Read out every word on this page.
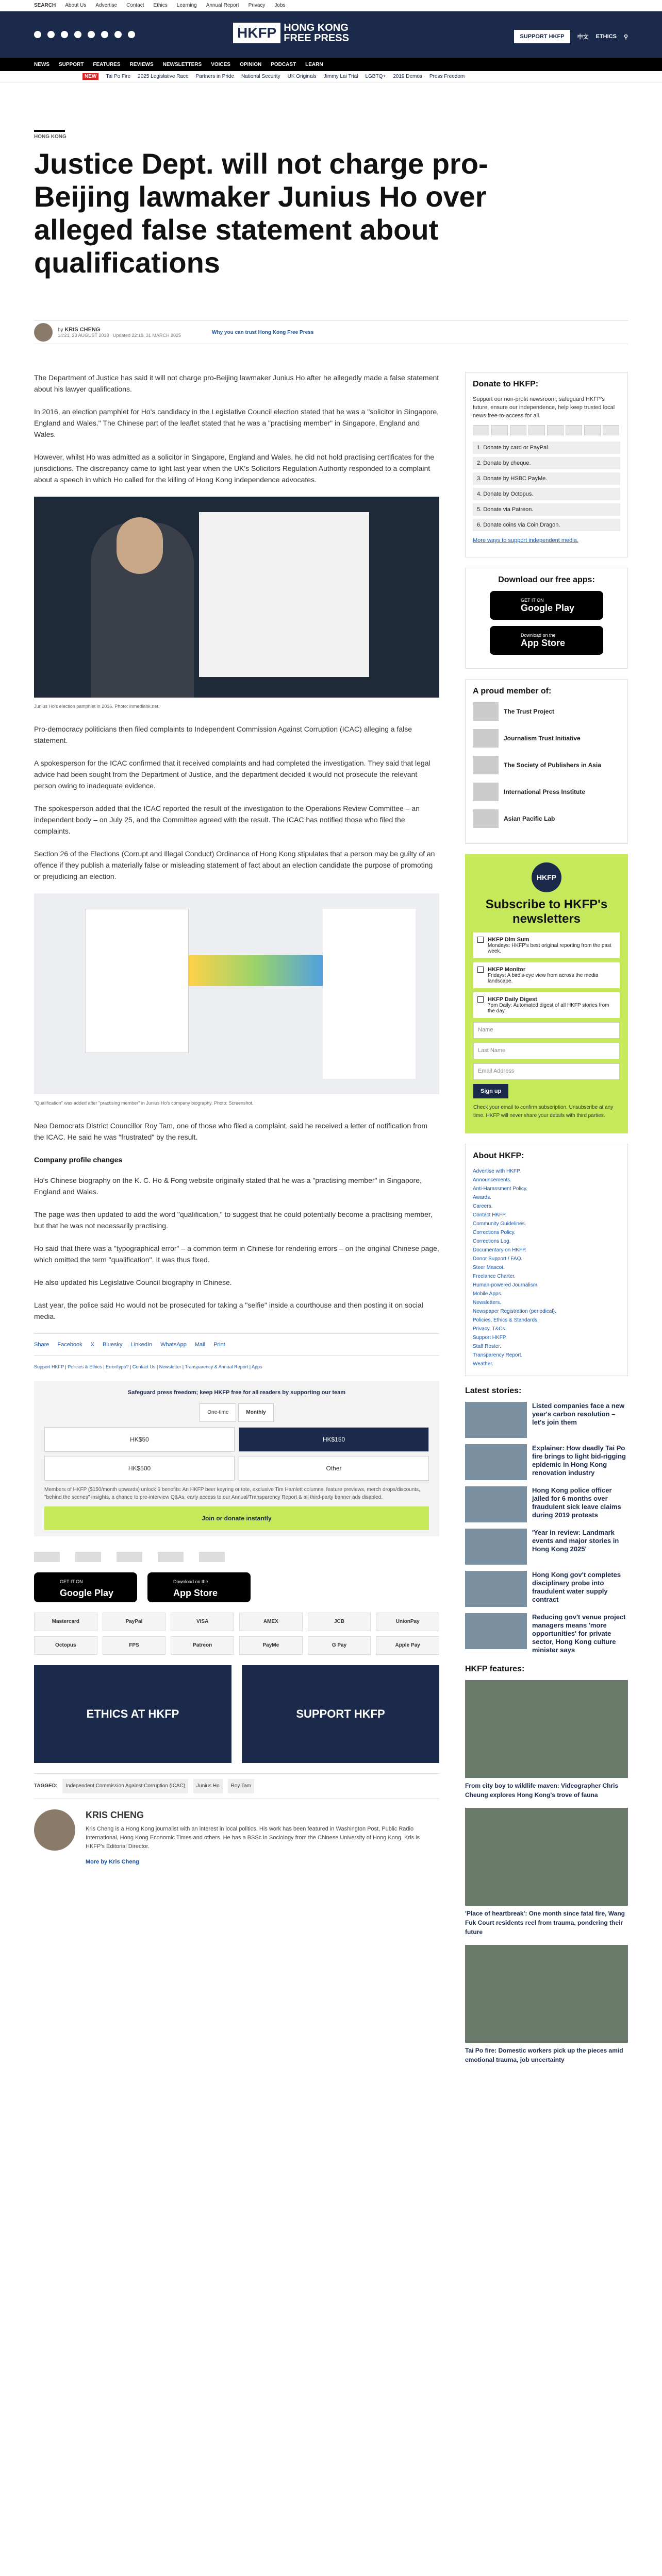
SEARCH About Us Advertise Contact Ethics Learning Annual Report Privacy Jobs
HKFP HONG KONG
FREE PRESS	SUPPORT HKFP	中文 ETHICS ⚲
NEWS SUPPORT FEATURES REVIEWS NEWSLETTERS VOICES OPINION PODCAST LEARN
NEW	Tai Po Fire 2025 Legislative Race Partners in Pride National Security UK Originals Jimmy Lai Trial LGBTQ+ 2019 Demos Press Freedom
HONG KONG
Justice Dept. will not charge pro-Beijing lawmaker Junius Ho over alleged false statement about qualifications
by KRIS CHENG
14:21, 23 AUGUST 2018 Updated 22:19, 31 MARCH 2025
Why you can trust Hong Kong Free Press

The Department of Justice has said it will not charge pro-Beijing lawmaker Junius Ho after he allegedly made a false statement about his lawyer qualifications.

In 2016, an election pamphlet for Ho's candidacy in the Legislative Council election stated that he was a "solicitor in Singapore, England and Wales." The Chinese part of the leaflet stated that he was a "practising member" in Singapore, England and Wales.

However, whilst Ho was admitted as a solicitor in Singapore, England and Wales, he did not hold practising certificates for the jurisdictions. The discrepancy came to light last year when the UK's Solicitors Regulation Authority responded to a complaint about a speech in which Ho called for the killing of Hong Kong independence advocates.

Junius Ho's election pamphlet in 2016. Photo: inmediahk.net.

Pro-democracy politicians then filed complaints to Independent Commission Against Corruption (ICAC) alleging a false statement.

A spokesperson for the ICAC confirmed that it received complaints and had completed the investigation. They said that legal advice had been sought from the Department of Justice, and the department decided it would not prosecute the relevant person owing to inadequate evidence.

The spokesperson added that the ICAC reported the result of the investigation to the Operations Review Committee – an independent body – on July 25, and the Committee agreed with the result. The ICAC has notified those who filed the complaints.

Section 26 of the Elections (Corrupt and Illegal Conduct) Ordinance of Hong Kong stipulates that a person may be guilty of an offence if they publish a materially false or misleading statement of fact about an election candidate the purpose of promoting or prejudicing an election.

"Qualification" was added after "practising member" in Junius Ho's company biography. Photo: Screenshot.

Neo Democrats District Councillor Roy Tam, one of those who filed a complaint, said he received a letter of notification from the ICAC. He said he was "frustrated" by the result.

Company profile changes

Ho's Chinese biography on the K. C. Ho & Fong website originally stated that he was a "practising member" in Singapore, England and Wales.

The page was then updated to add the word "qualification," to suggest that he could potentially become a practising member, but that he was not necessarily practising.

Ho said that there was a "typographical error" – a common term in Chinese for rendering errors – on the original Chinese page, which omitted the term "qualification". It was thus fixed.

He also updated his Legislative Council biography in Chinese.

Last year, the police said Ho would not be prosecuted for taking a "selfie" inside a courthouse and then posting it on social media.

Share Facebook X Bluesky LinkedIn WhatsApp Mail Print
Support HKFP | Policies & Ethics | Error/typo? | Contact Us | Newsletter | Transparency & Annual Report | Apps
Safeguard press freedom; keep HKFP free for all readers by supporting our team
One-time	Monthly
HK$50	HK$150
HK$500	Other
Members of HKFP ($150/month upwards) unlock 6 benefits: An HKFP beer keyring or tote, exclusive Tim Hamlett columns, feature previews, merch drops/discounts, "behind the scenes" insights, a chance to pre-interview Q&As, early access to our Annual/Transparency Report & all third-party banner ads disabled.
Join or donate instantly
GET IT ON
Google Play
Download on the
App Store
Mastercard	PayPal	VISA	AMEX	JCB	UnionPay
Octopus	FPS	Patreon	PayMe	G Pay	Apple Pay
ETHICS AT HKFP	SUPPORT HKFP
TAGGED:	Independent Commission Against Corruption (ICAC)	Junius Ho	Roy Tam
KRIS CHENG

Kris Cheng is a Hong Kong journalist with an interest in local politics. His work has been featured in Washington Post, Public Radio International, Hong Kong Economic Times and others. He has a BSSc in Sociology from the Chinese University of Hong Kong. Kris is HKFP's Editorial Director.

More by Kris Cheng
Donate to HKFP:
Support our non-profit newsroom; safeguard HKFP's future, ensure our independence, help keep trusted local news free-to-access for all.
1. Donate by card or PayPal.
2. Donate by cheque.
3. Donate by HSBC PayMe.
4. Donate by Octopus.
5. Donate via Patreon.
6. Donate coins via Coin Dragon.
More ways to support independent media.
Download our free apps:
GET IT ON
Google Play
Download on the
App Store
A proud member of:
The Trust Project
Journalism Trust Initiative
The Society of Publishers in Asia
International Press Institute
Asian Pacific Lab
HKFP
Subscribe to HKFP's newsletters
HKFP Dim Sum
Mondays: HKFP's best original reporting from the past week.
HKFP Monitor
Fridays: A bird's-eye view from across the media landscape.
HKFP Daily Digest
7pm Daily: Automated digest of all HKFP stories from the day.
Name
Last Name
Email Address
Sign up
Check your email to confirm subscription. Unsubscribe at any time. HKFP will never share your details with third parties.
About HKFP:
Advertise with HKFP.
Announcements.
Anti-Harassment Policy.
Awards.
Careers.
Contact HKFP.
Community Guidelines.
Corrections Policy.
Corrections Log.
Documentary on HKFP.
Donor Support / FAQ.
Steer Mascot.
Freelance Charter.
Human-powered Journalism.
Mobile Apps.
Newsletters.
Newspaper Registration (periodical).
Policies, Ethics & Standards.
Privacy, T&Cs.
Support HKFP.
Staff Roster.
Transparency Report.
Weather.
Latest stories:
Listed companies face a new year's carbon resolution – let's join them
Explainer: How deadly Tai Po fire brings to light bid-rigging epidemic in Hong Kong renovation industry
Hong Kong police officer jailed for 6 months over fraudulent sick leave claims during 2019 protests
'Year in review: Landmark events and major stories in Hong Kong 2025'
Hong Kong gov't completes disciplinary probe into fraudulent water supply contract
Reducing gov't venue project managers means 'more opportunities' for private sector, Hong Kong culture minister says
HKFP features:
From city boy to wildlife maven: Videographer Chris Cheung explores Hong Kong's trove of fauna
'Place of heartbreak': One month since fatal fire, Wang Fuk Court residents reel from trauma, pondering their future
Tai Po fire: Domestic workers pick up the pieces amid emotional trauma, job uncertainty
